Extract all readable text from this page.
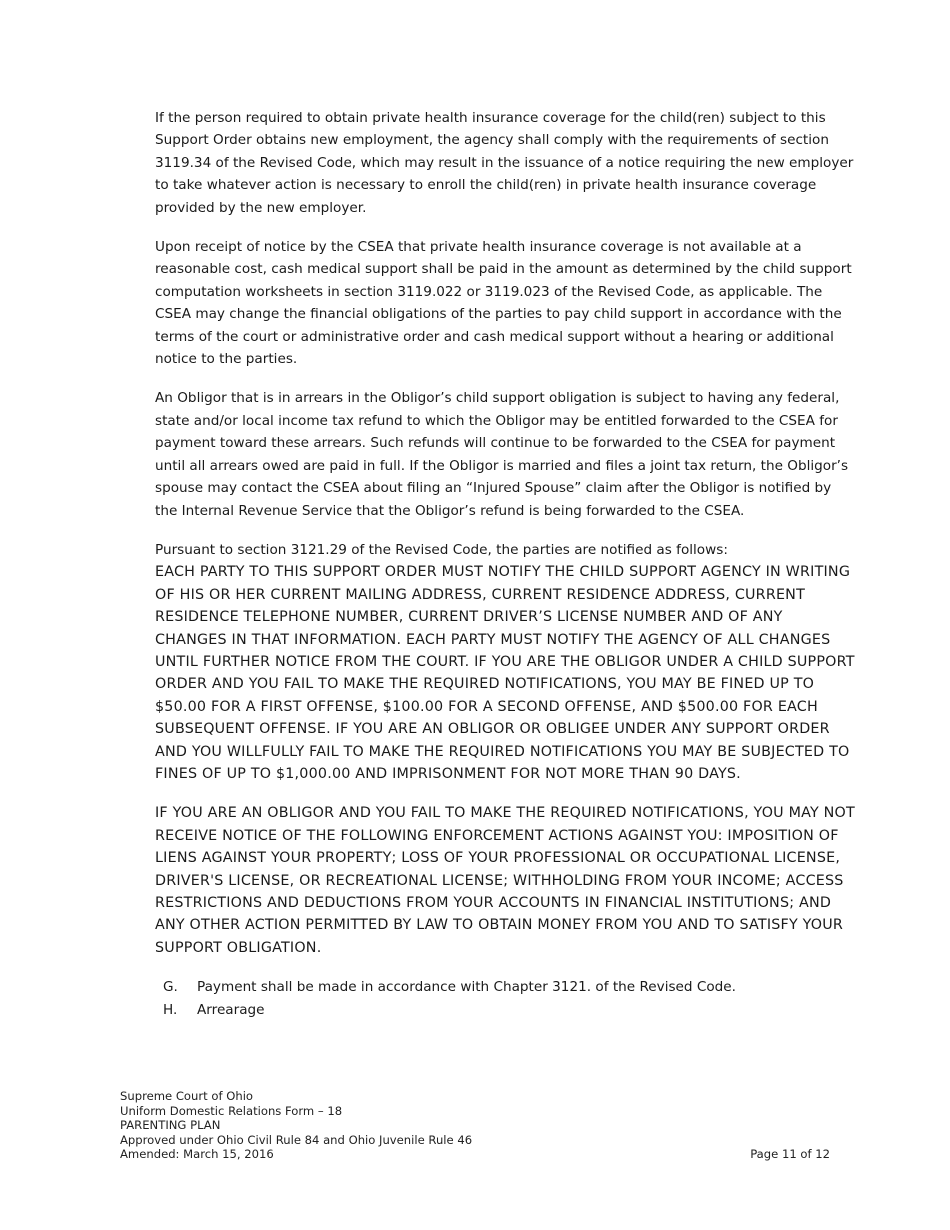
If the person required to obtain private health insurance coverage for the child(ren) subject to this Support Order obtains new employment, the agency shall comply with the requirements of section 3119.34 of the Revised Code, which may result in the issuance of a notice requiring the new employer to take whatever action is necessary to enroll the child(ren) in private health insurance coverage provided by the new employer.

Upon receipt of notice by the CSEA that private health insurance coverage is not available at a reasonable cost, cash medical support shall be paid in the amount as determined by the child support computation worksheets in section 3119.022 or 3119.023 of the Revised Code, as applicable. The CSEA may change the financial obligations of the parties to pay child support in accordance with the terms of the court or administrative order and cash medical support without a hearing or additional notice to the parties.

An Obligor that is in arrears in the Obligor’s child support obligation is subject to having any federal, state and/or local income tax refund to which the Obligor may be entitled forwarded to the CSEA for payment toward these arrears. Such refunds will continue to be forwarded to the CSEA for payment until all arrears owed are paid in full. If the Obligor is married and files a joint tax return, the Obligor’s spouse may contact the CSEA about filing an “Injured Spouse” claim after the Obligor is notified by the Internal Revenue Service that the Obligor’s refund is being forwarded to the CSEA.

Pursuant to section 3121.29 of the Revised Code, the parties are notified as follows:

EACH PARTY TO THIS SUPPORT ORDER MUST NOTIFY THE CHILD SUPPORT AGENCY IN WRITING OF HIS OR HER CURRENT MAILING ADDRESS, CURRENT RESIDENCE ADDRESS, CURRENT RESIDENCE TELEPHONE NUMBER, CURRENT DRIVER’S LICENSE NUMBER AND OF ANY CHANGES IN THAT INFORMATION. EACH PARTY MUST NOTIFY THE AGENCY OF ALL CHANGES UNTIL FURTHER NOTICE FROM THE COURT. IF YOU ARE THE OBLIGOR UNDER A CHILD SUPPORT ORDER AND YOU FAIL TO MAKE THE REQUIRED NOTIFICATIONS, YOU MAY BE FINED UP TO $50.00 FOR A FIRST OFFENSE, $100.00 FOR A SECOND OFFENSE, AND $500.00 FOR EACH SUBSEQUENT OFFENSE. IF YOU ARE AN OBLIGOR OR OBLIGEE UNDER ANY SUPPORT ORDER AND YOU WILLFULLY FAIL TO MAKE THE REQUIRED NOTIFICATIONS YOU MAY BE SUBJECTED TO FINES OF UP TO $1,000.00 AND IMPRISONMENT FOR NOT MORE THAN 90 DAYS.

IF YOU ARE AN OBLIGOR AND YOU FAIL TO MAKE THE REQUIRED NOTIFICATIONS, YOU MAY NOT RECEIVE NOTICE OF THE FOLLOWING ENFORCEMENT ACTIONS AGAINST YOU: IMPOSITION OF LIENS AGAINST YOUR PROPERTY; LOSS OF YOUR PROFESSIONAL OR OCCUPATIONAL LICENSE, DRIVER'S LICENSE, OR RECREATIONAL LICENSE; WITHHOLDING FROM YOUR INCOME; ACCESS RESTRICTIONS AND DEDUCTIONS FROM YOUR ACCOUNTS IN FINANCIAL INSTITUTIONS; AND ANY OTHER ACTION PERMITTED BY LAW TO OBTAIN MONEY FROM YOU AND TO SATISFY YOUR SUPPORT OBLIGATION.

G.	Payment shall be made in accordance with Chapter 3121. of the Revised Code.
H.	Arrearage
Supreme Court of Ohio
Uniform Domestic Relations Form – 18
PARENTING PLAN
Approved under Ohio Civil Rule 84 and Ohio Juvenile Rule 46
Amended: March 15, 2016	Page 11 of 12
